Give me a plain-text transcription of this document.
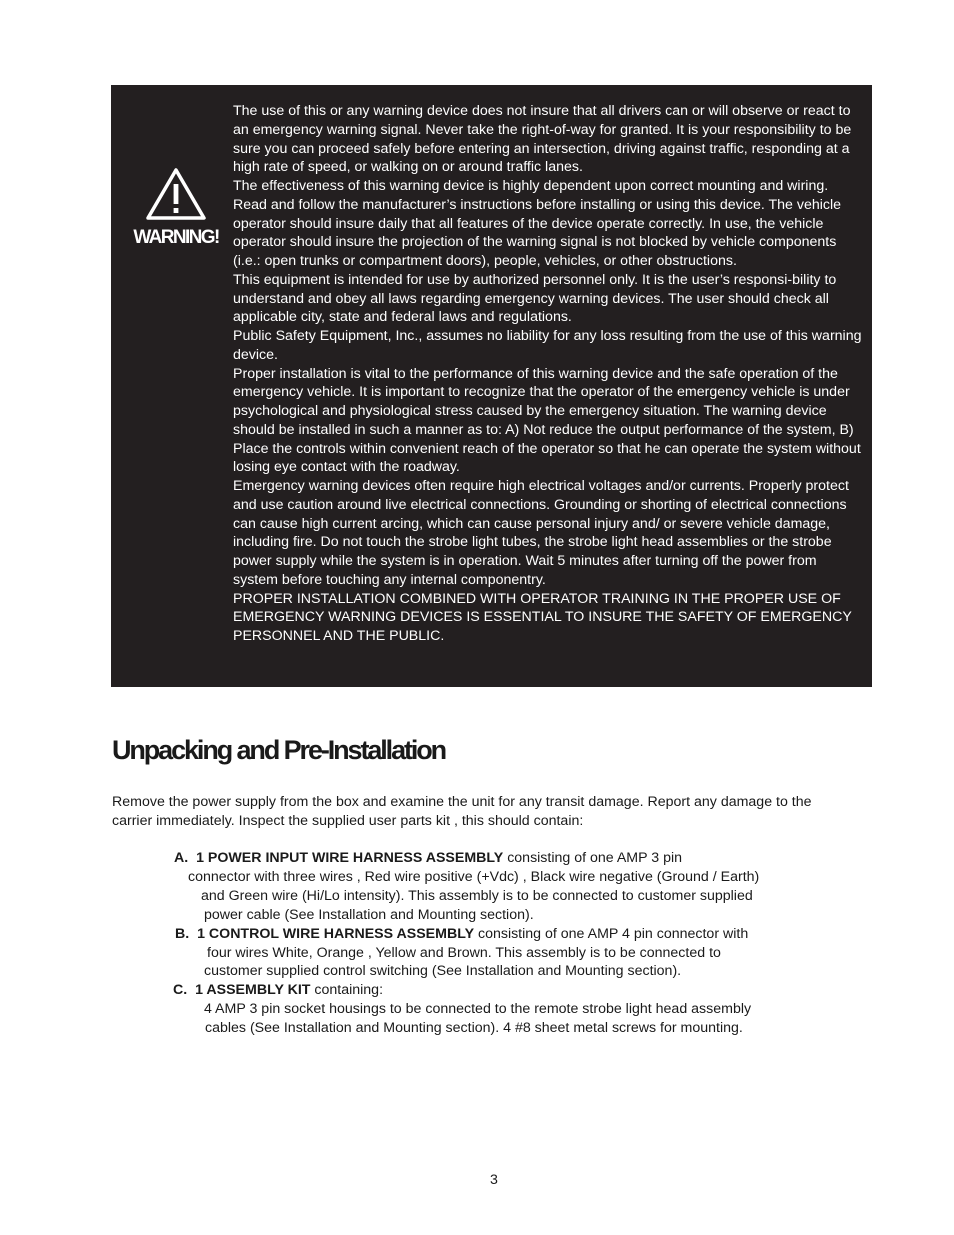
WARNING!

The use of this or any warning device does not insure that all drivers can or will observe or react to an emergency warning signal. Never take the right-of-way for granted. It is your responsibility to be sure you can proceed safely before entering an intersection, driving against traffic, responding at a high rate of speed, or walking on or around traffic lanes.

The effectiveness of this warning device is highly dependent upon correct mounting and wiring. Read and follow the manufacturer’s instructions before installing or using this device. The vehicle operator should insure daily that all features of the device operate correctly. In use, the vehicle operator should insure the projection of the warning signal is not blocked by vehicle components (i.e.: open trunks or compartment doors), people, vehicles, or other obstructions.

This equipment is intended for use by authorized personnel only. It is the user’s responsi-bility to understand and obey all laws regarding emergency warning devices. The user should check all applicable city, state and federal laws and regulations.

Public Safety Equipment, Inc., assumes no liability for any loss resulting from the use of this warning device.

Proper installation is vital to the performance of this warning device and the safe operation of the emergency vehicle. It is important to recognize that the operator of the emergency vehicle is under psychological and physiological stress caused by the emergency situation. The warning device should be installed in such a manner as to: A) Not reduce the output performance of the system, B) Place the controls within convenient reach of the operator so that he can operate the system without losing eye contact with the roadway.

Emergency warning devices often require high electrical voltages and/or currents. Properly protect and use caution around live electrical connections. Grounding or shorting of electrical connections can cause high current arcing, which can cause personal injury and/ or severe vehicle damage, including fire. Do not touch the strobe light tubes, the strobe light head assemblies or the strobe power supply while the system is in operation. Wait 5 minutes after turning off the power from system before touching any internal componentry.

PROPER INSTALLATION COMBINED WITH OPERATOR TRAINING IN THE PROPER USE OF EMERGENCY WARNING DEVICES IS ESSENTIAL TO INSURE THE SAFETY OF EMERGENCY PERSONNEL AND THE PUBLIC.

Unpacking and Pre-Installation

Remove the power supply from the box and examine the unit for any transit damage. Report any damage to the carrier immediately. Inspect the supplied user parts kit , this should contain:

A. 1 POWER INPUT WIRE HARNESS ASSEMBLY consisting of one AMP 3 pin
connector with three wires , Red wire positive (+Vdc) , Black wire negative (Ground / Earth)
and Green wire (Hi/Lo intensity). This assembly is to be connected to customer supplied
power cable (See Installation and Mounting section).
B. 1 CONTROL WIRE HARNESS ASSEMBLY consisting of one AMP 4 pin connector with
four wires White, Orange , Yellow and Brown. This assembly is to be connected to
customer supplied control switching (See Installation and Mounting section).
C. 1 ASSEMBLY KIT containing:
4 AMP 3 pin socket housings to be connected to the remote strobe light head assembly
cables (See Installation and Mounting section). 4 #8 sheet metal screws for mounting.
3
